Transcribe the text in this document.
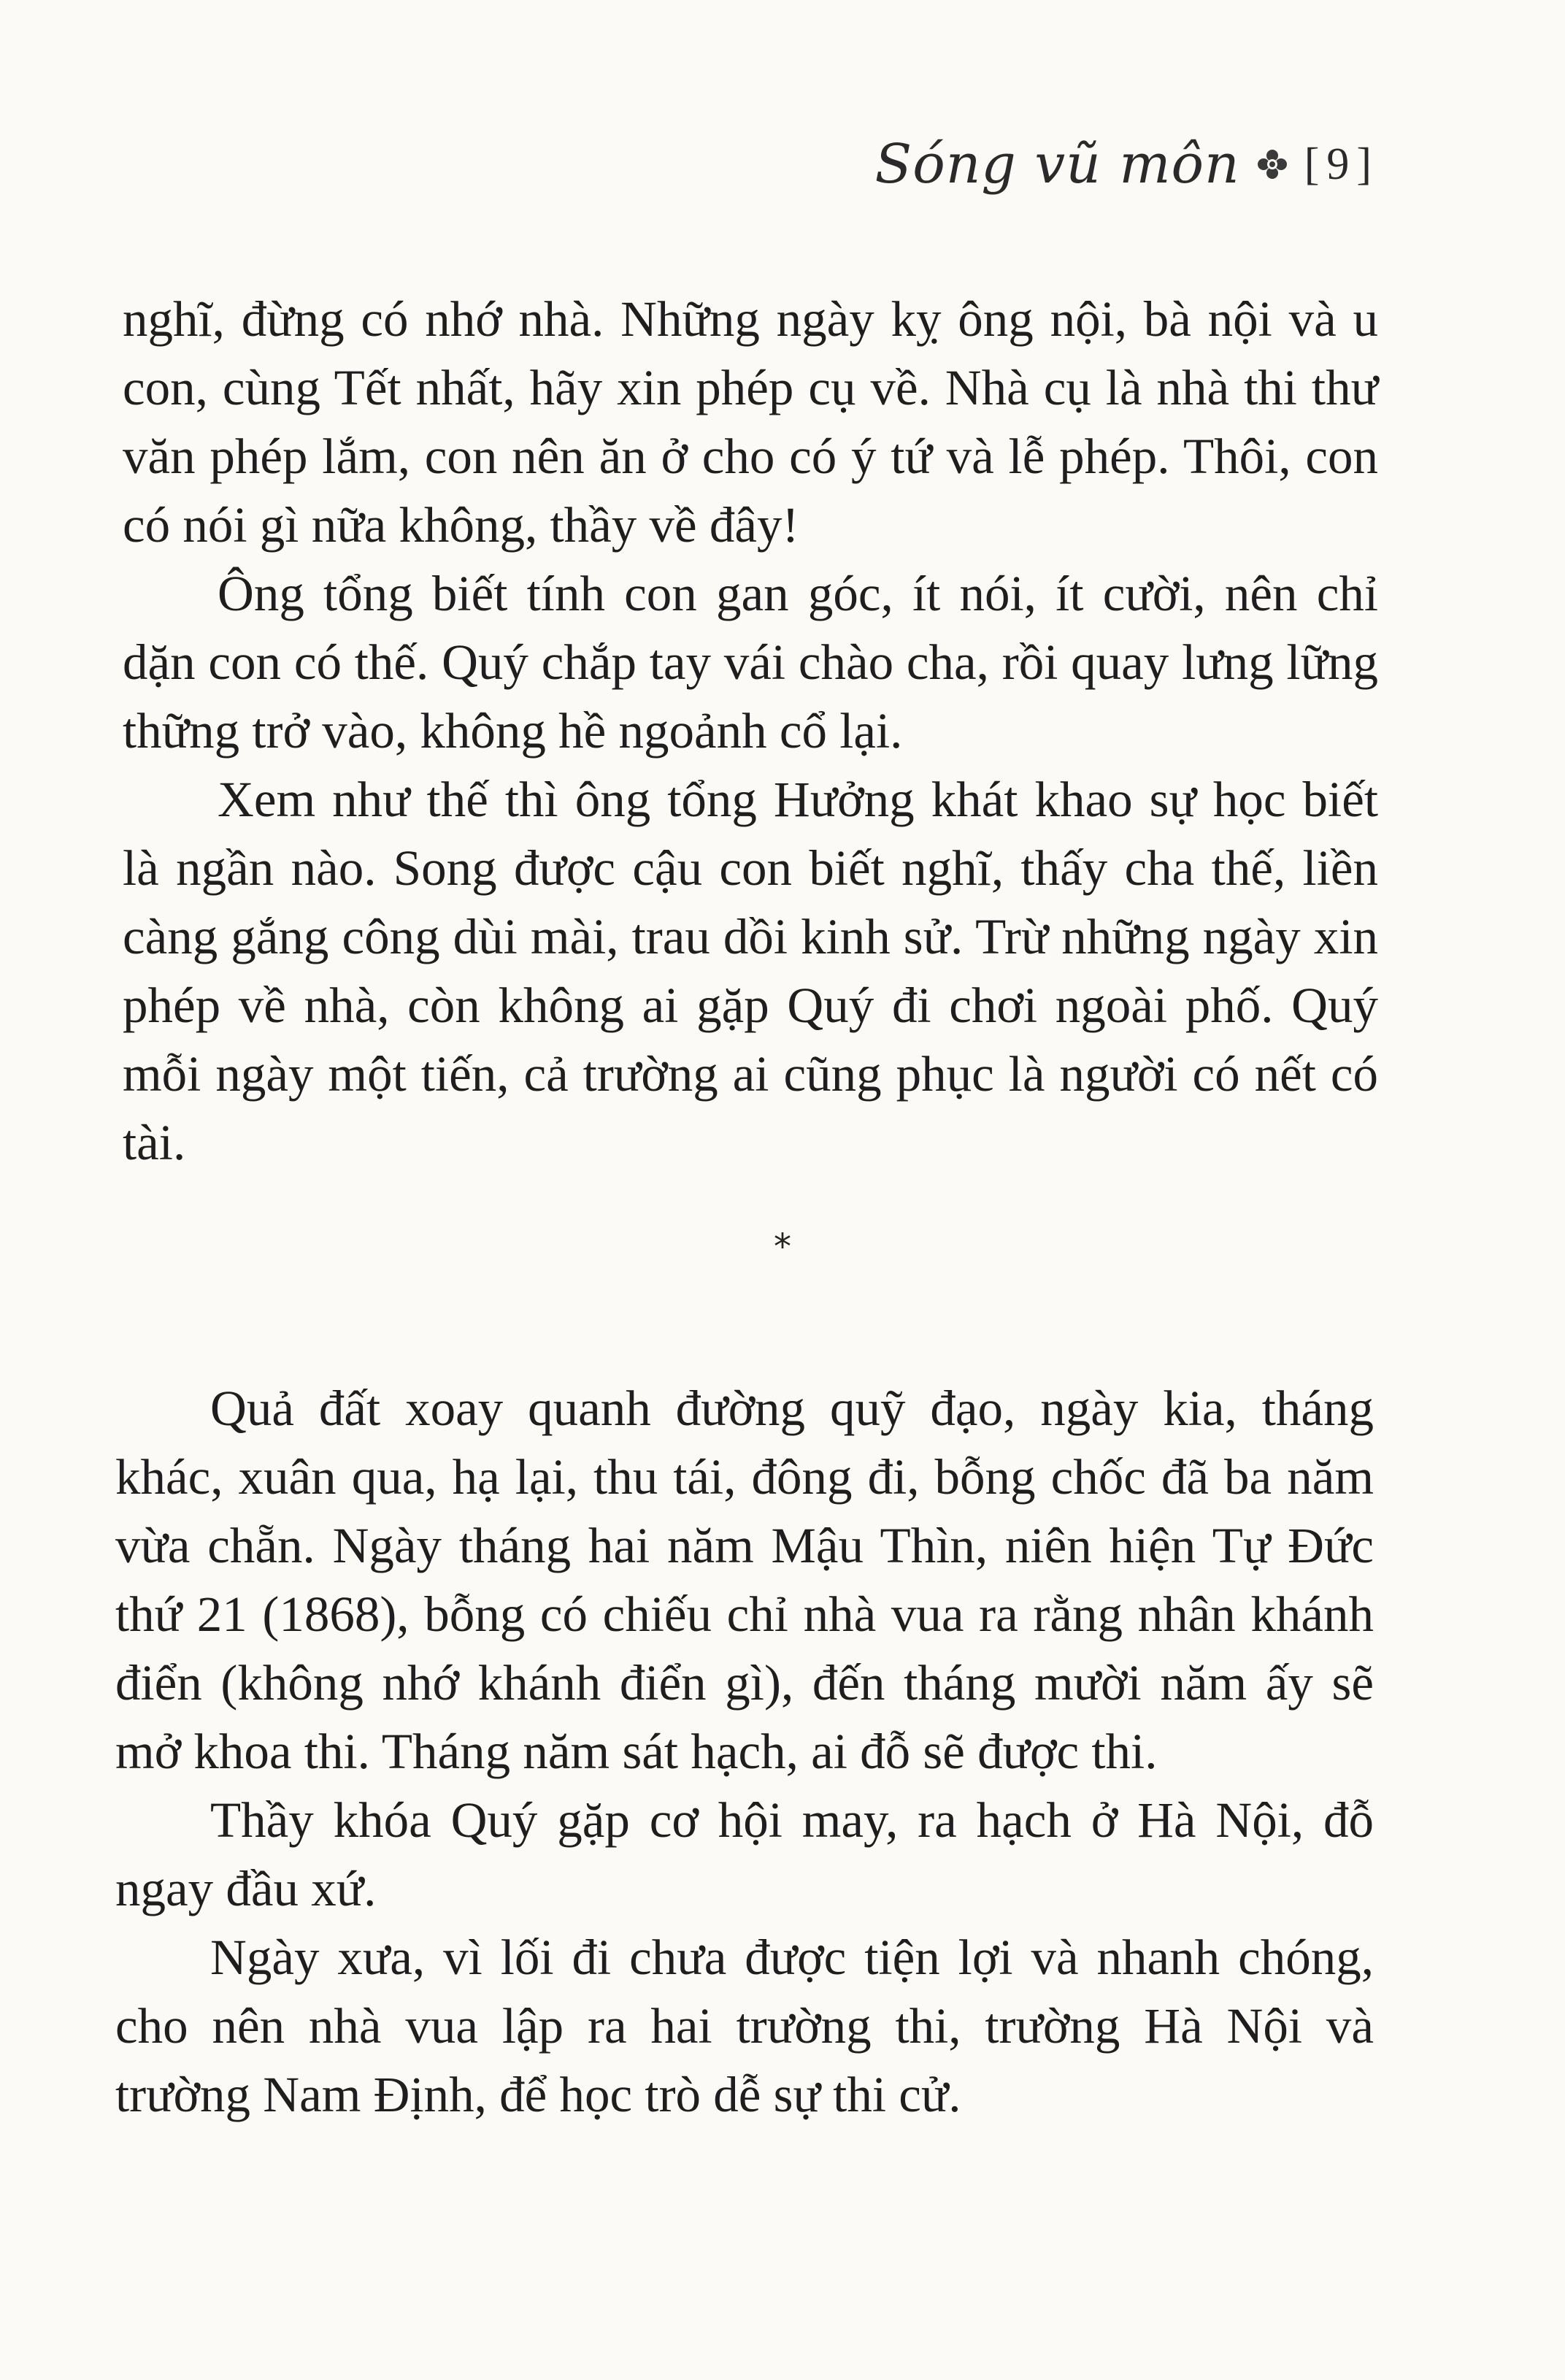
Sóng vũ môn [9]

nghĩ, đừng có nhớ nhà. Những ngày kỵ ông nội, bà nội và u con, cùng Tết nhất, hãy xin phép cụ về. Nhà cụ là nhà thi thư văn phép lắm, con nên ăn ở cho có ý tứ và lễ phép. Thôi, con có nói gì nữa không, thầy về đây!

Ông tổng biết tính con gan góc, ít nói, ít cười, nên chỉ dặn con có thế. Quý chắp tay vái chào cha, rồi quay lưng lững thững trở vào, không hề ngoảnh cổ lại.

Xem như thế thì ông tổng Hưởng khát khao sự học biết là ngần nào. Song được cậu con biết nghĩ, thấy cha thế, liền càng gắng công dùi mài, trau dồi kinh sử. Trừ những ngày xin phép về nhà, còn không ai gặp Quý đi chơi ngoài phố. Quý mỗi ngày một tiến, cả trường ai cũng phục là người có nết có tài.

*

Quả đất xoay quanh đường quỹ đạo, ngày kia, tháng khác, xuân qua, hạ lại, thu tái, đông đi, bỗng chốc đã ba năm vừa chẵn. Ngày tháng hai năm Mậu Thìn, niên hiện Tự Đức thứ 21 (1868), bỗng có chiếu chỉ nhà vua ra rằng nhân khánh điển (không nhớ khánh điển gì), đến tháng mười năm ấy sẽ mở khoa thi. Tháng năm sát hạch, ai đỗ sẽ được thi.

Thầy khóa Quý gặp cơ hội may, ra hạch ở Hà Nội, đỗ ngay đầu xứ.

Ngày xưa, vì lối đi chưa được tiện lợi và nhanh chóng, cho nên nhà vua lập ra hai trường thi, trường Hà Nội và trường Nam Định, để học trò dễ sự thi cử.
